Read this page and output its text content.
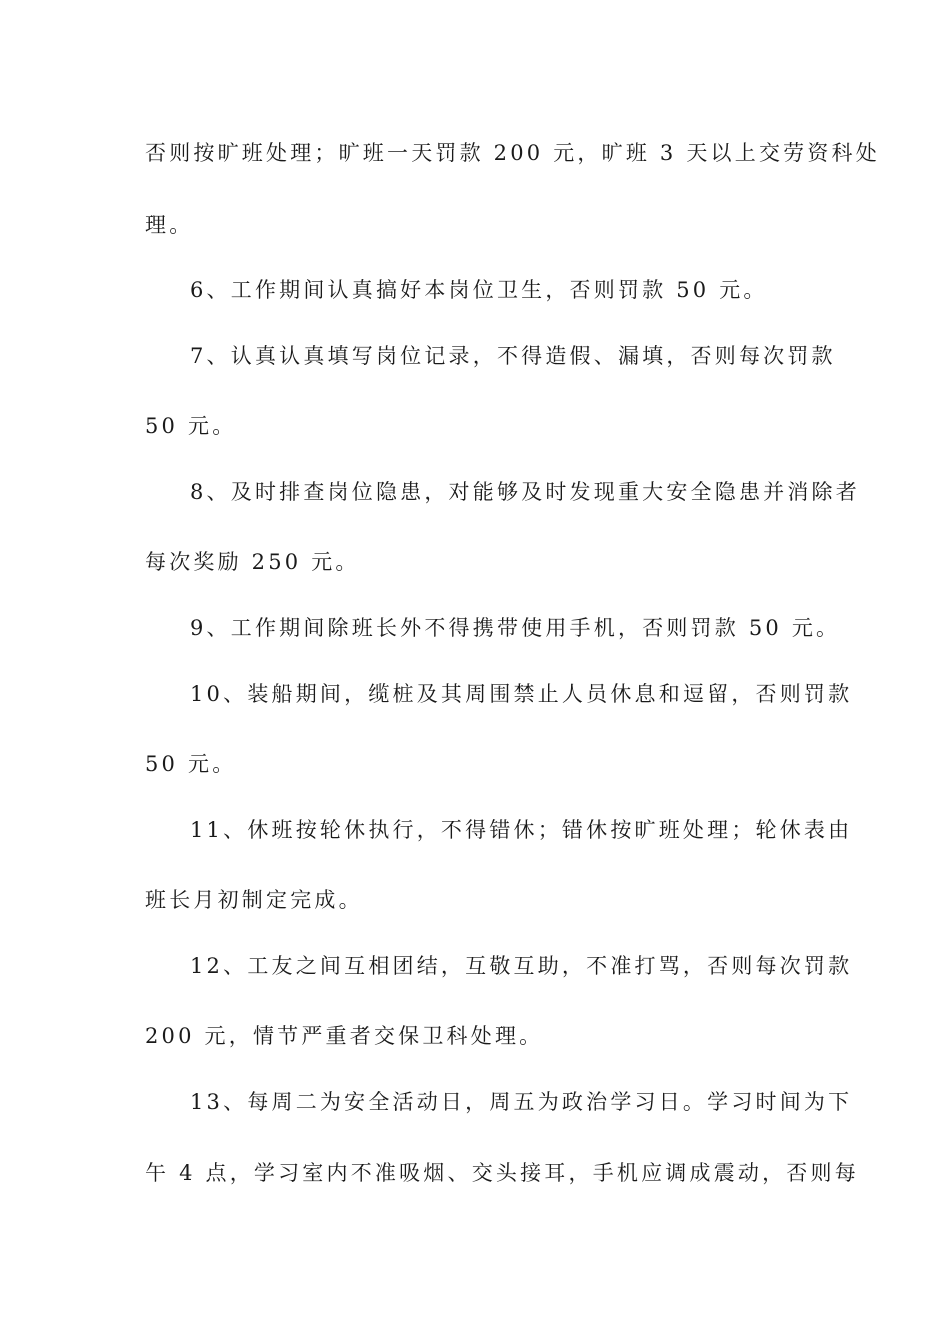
否则按旷班处理；旷班一天罚款 200 元，旷班 3 天以上交劳资科处
理。
6、工作期间认真搞好本岗位卫生，否则罚款 50 元。
7、认真认真填写岗位记录，不得造假、漏填，否则每次罚款
50 元。
8、及时排查岗位隐患，对能够及时发现重大安全隐患并消除者
每次奖励 250 元。
9、工作期间除班长外不得携带使用手机，否则罚款 50 元。
10、装船期间，缆桩及其周围禁止人员休息和逗留，否则罚款
50 元。
11、休班按轮休执行，不得错休；错休按旷班处理；轮休表由
班长月初制定完成。
12、工友之间互相团结，互敬互助，不准打骂，否则每次罚款
200 元，情节严重者交保卫科处理。
13、每周二为安全活动日，周五为政治学习日。学习时间为下
午 4 点，学习室内不准吸烟、交头接耳，手机应调成震动，否则每
